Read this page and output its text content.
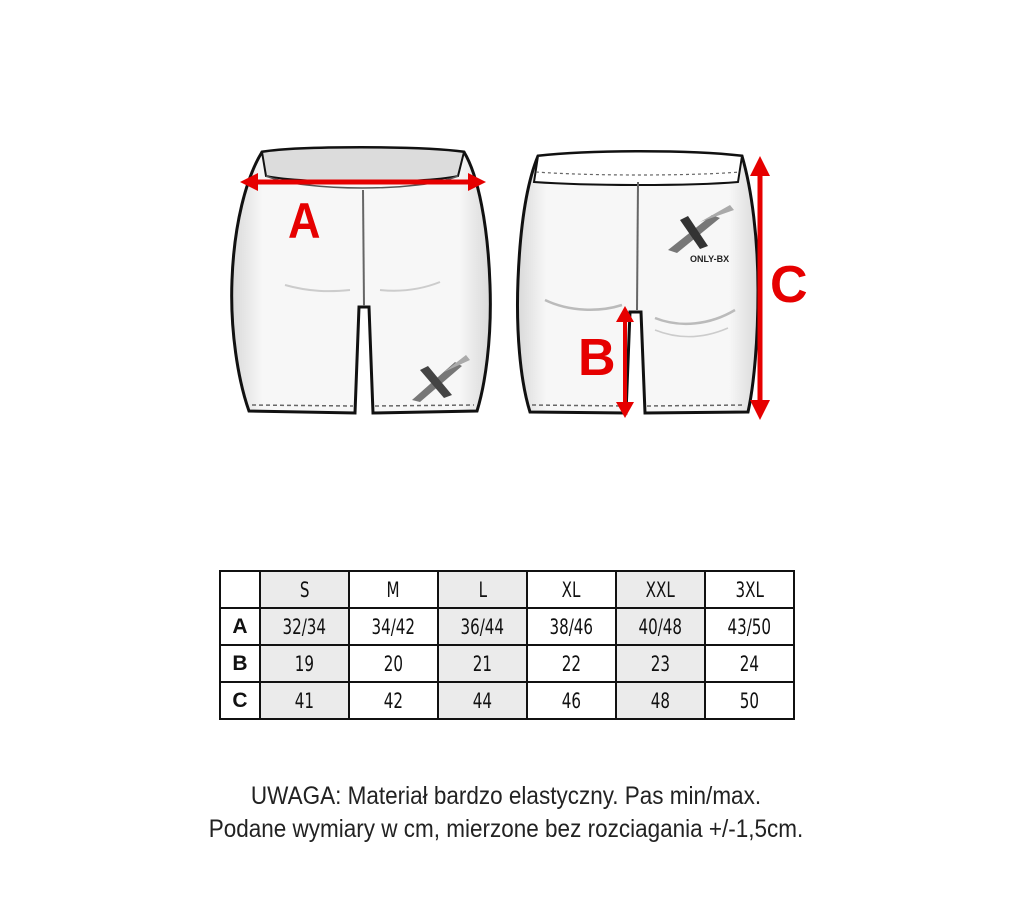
ONLY-BX
A
B
C
	S	M	L	XL	XXL	3XL
A	32/34	34/42	36/44	38/46	40/48	43/50
B	19	20	21	22	23	24
C	41	42	44	46	48	50
UWAGA: Materiał bardzo elastyczny. Pas min/max.
Podane wymiary w cm, mierzone bez rozciagania +/-1,5cm.
